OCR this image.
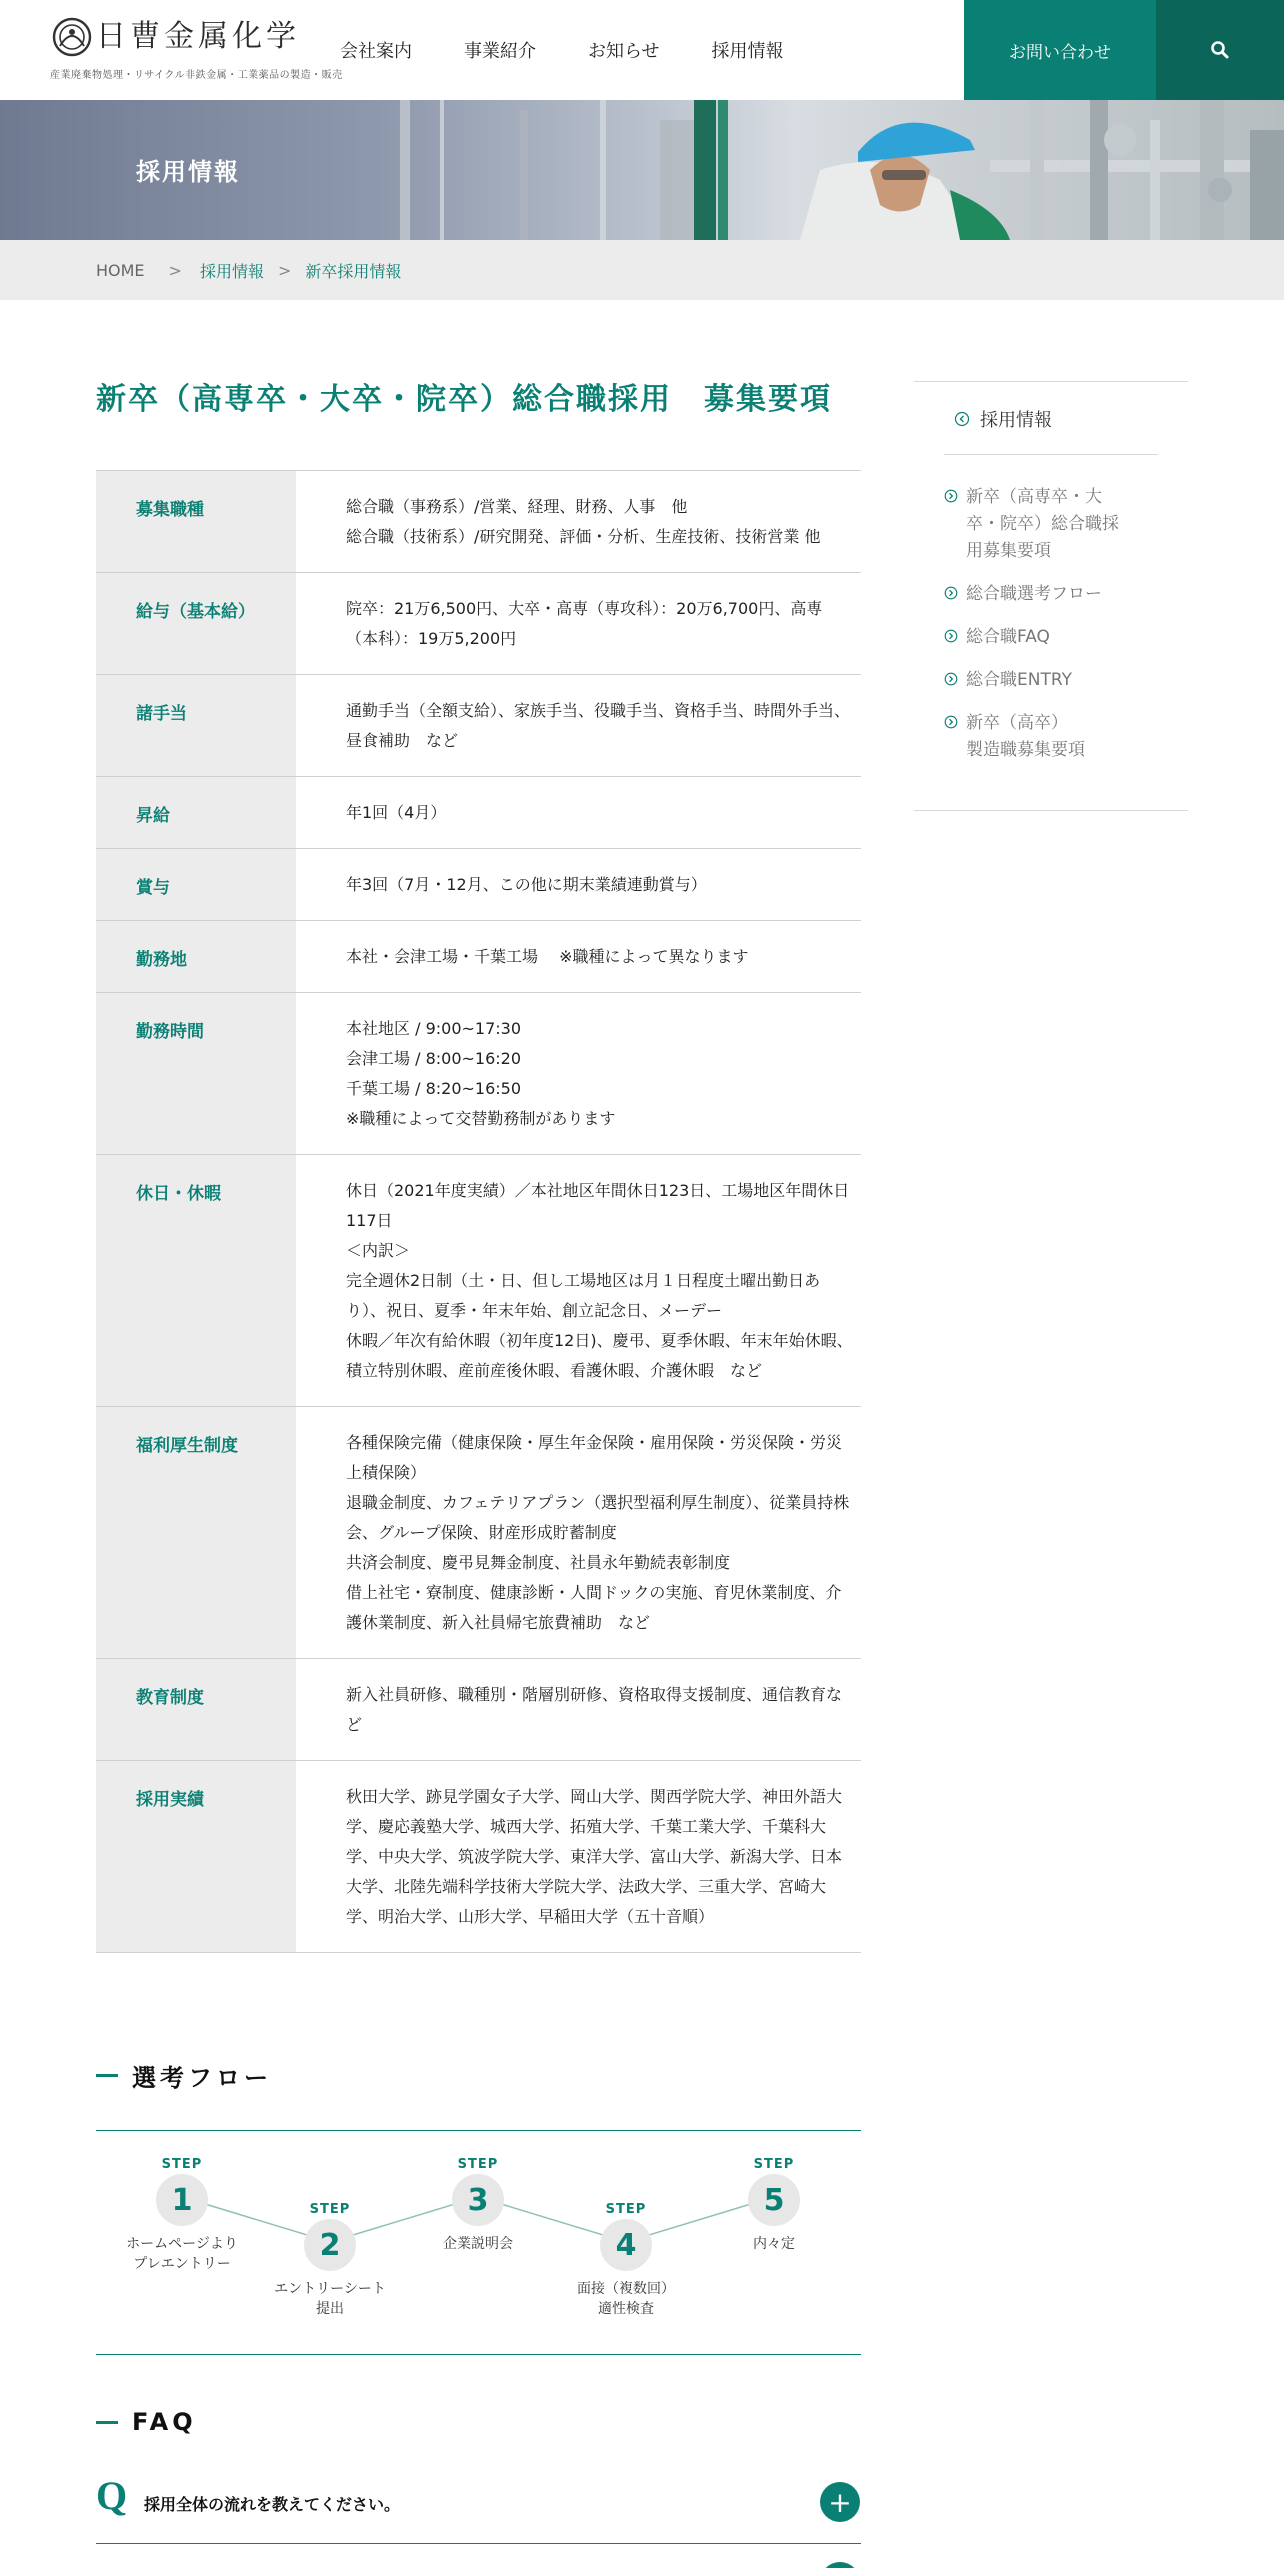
日曹金属化学
産業廃棄物処理・リサイクル非鉄金属・工業薬品の製造・販売
会社案内	事業紹介	お知らせ	採用情報	お問い合わせ
採用情報
HOME > 採用情報 > 新卒採用情報
新卒（高専卒・大卒・院卒）総合職採用　募集要項
募集職種	総合職（事務系）/営業、経理、財務、人事　他
総合職（技術系）/研究開発、評価・分析、生産技術、技術営業 他
給与（基本給）	院卒：21万6,500円、大卒・高専（専攻科）：20万6,700円、高専（本科）：19万5,200円
諸手当	通勤手当（全額支給）、家族手当、役職手当、資格手当、時間外手当、昼食補助　など
昇給	年1回（4月）
賞与	年3回（7月・12月、この他に期末業績連動賞与）
勤務地	本社・会津工場・千葉工場　 ※職種によって異なります
勤務時間	本社地区 / 9:00~17:30
会津工場 / 8:00~16:20
千葉工場 / 8:20~16:50
※職種によって交替勤務制があります
休日・休暇	休日（2021年度実績）／本社地区年間休日123日、工場地区年間休日117日
＜内訳＞
完全週休2日制（土・日、但し工場地区は月１日程度土曜出勤日あり）、祝日、夏季・年末年始、創立記念日、メーデー
休暇／年次有給休暇（初年度12日)、慶弔、夏季休暇、年末年始休暇、積立特別休暇、産前産後休暇、看護休暇、介護休暇　など
福利厚生制度	各種保険完備（健康保険・厚生年金保険・雇用保険・労災保険・労災上積保険）
退職金制度、カフェテリアプラン（選択型福利厚生制度）、従業員持株会、グループ保険、財産形成貯蓄制度
共済会制度、慶弔見舞金制度、社員永年勤続表彰制度
借上社宅・寮制度、健康診断・人間ドックの実施、育児休業制度、介護休業制度、新入社員帰宅旅費補助　など
教育制度	新入社員研修、職種別・階層別研修、資格取得支援制度、通信教育など
採用実績	秋田大学、跡見学園女子大学、岡山大学、関西学院大学、神田外語大学、慶応義塾大学、城西大学、拓殖大学、千葉工業大学、千葉科大学、中央大学、筑波学院大学、東洋大学、富山大学、新潟大学、日本大学、北陸先端科学技術大学院大学、法政大学、三重大学、宮崎大学、明治大学、山形大学、早稲田大学（五十音順）
採用情報
新卒（高専卒・大
卒・院卒）総合職採
用募集要項
総合職選考フロー
総合職FAQ
総合職ENTRY
新卒（高卒）
製造職募集要項
選考フロー
STEP
1
ホームページより
プレエントリー
STEP
2
エントリーシート
提出
STEP
3
企業説明会
STEP
4
面接（複数回）
適性検査
STEP
5
内々定
FAQ
Q 採用全体の流れを教えてください。	+
